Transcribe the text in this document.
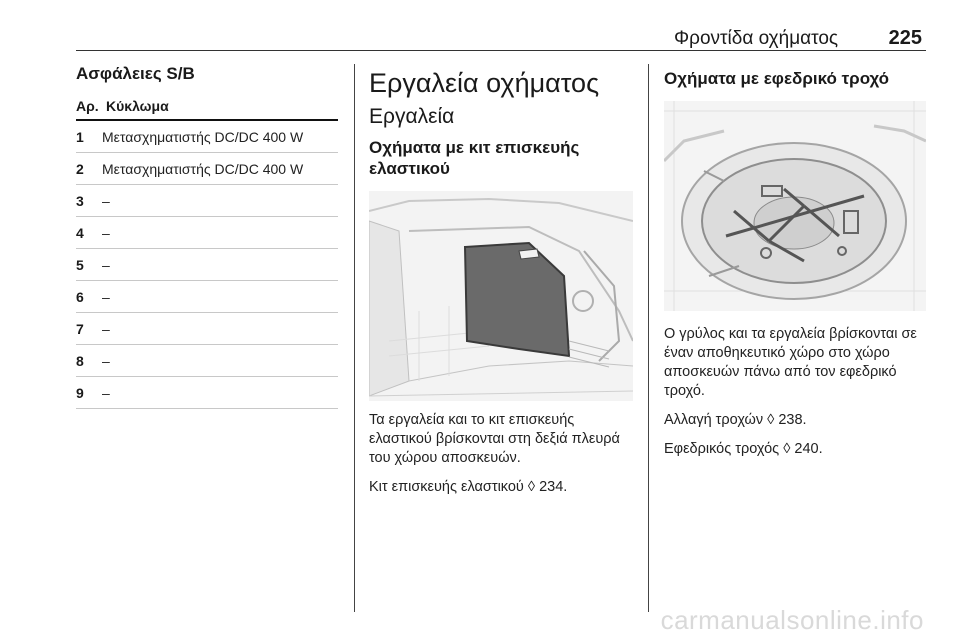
Φροντίδα οχήματος	225
Ασφάλειες S/B
Αρ. Κύκλωμα
1	Μετασχηματιστής DC/DC 400 W
2	Μετασχηματιστής DC/DC 400 W
3	–
4	–
5	–
6	–
7	–
8	–
9	–
Εργαλεία οχήματος
Εργαλεία
Οχήματα με κιτ επισκευής ελαστικού

Τα εργαλεία και το κιτ επισκευής ελαστικού βρίσκονται στη δεξιά πλευρά του χώρου αποσκευών.

Κιτ επισκευής ελαστικού ◊ 234.

Οχήματα με εφεδρικό τροχό

Ο γρύλος και τα εργαλεία βρίσκονται σε έναν αποθηκευτικό χώρο στο χώρο αποσκευών πάνω από τον εφεδρικό τροχό.

Αλλαγή τροχών ◊ 238.

Εφεδρικός τροχός ◊ 240.

carmanualsonline.info
